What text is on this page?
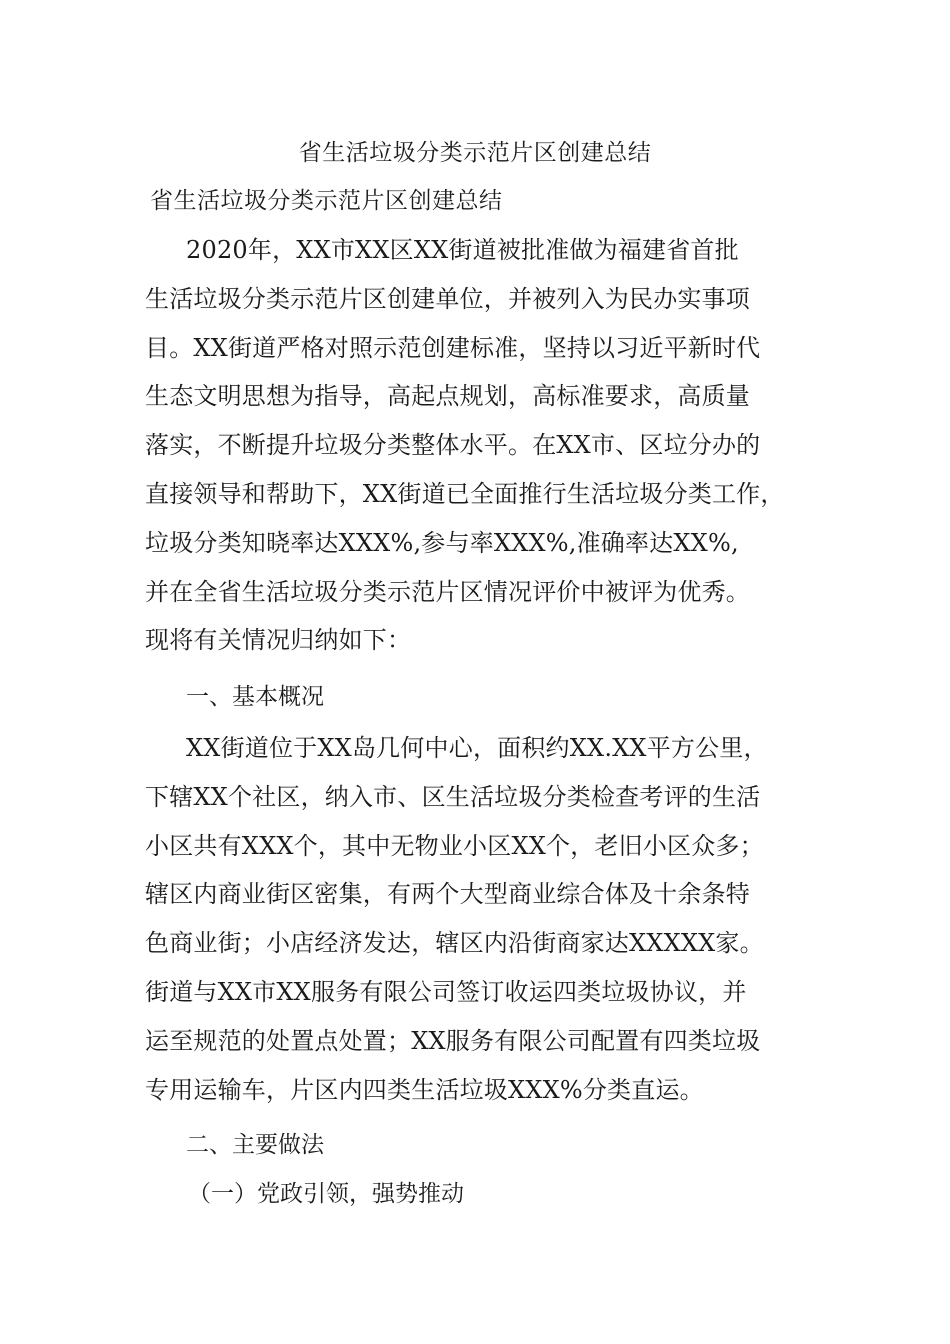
省生活垃圾分类示范片区创建总结
省生活垃圾分类示范片区创建总结
2020年，XX市XX区XX街道被批准做为福建省首批
生活垃圾分类示范片区创建单位，并被列入为民办实事项
目。XX街道严格对照示范创建标准，坚持以习近平新时代
生态文明思想为指导，高起点规划，高标准要求，高质量
落实，不断提升垃圾分类整体水平。在XX市、区垃分办的
直接领导和帮助下，XX街道已全面推行生活垃圾分类工作，
垃圾分类知晓率达XXX%,参与率XXX%,准确率达XX%,
并在全省生活垃圾分类示范片区情况评价中被评为优秀。
现将有关情况归纳如下：
一、基本概况
XX街道位于XX岛几何中心，面积约XX.XX平方公里，
下辖XX个社区，纳入市、区生活垃圾分类检查考评的生活
小区共有XXX个，其中无物业小区XX个，老旧小区众多；
辖区内商业街区密集，有两个大型商业综合体及十余条特
色商业街；小店经济发达，辖区内沿街商家达XXXXX家。
街道与XX市XX服务有限公司签订收运四类垃圾协议，并
运至规范的处置点处置；XX服务有限公司配置有四类垃圾
专用运输车，片区内四类生活垃圾XXX%分类直运。
二、主要做法
（一）党政引领，强势推动
